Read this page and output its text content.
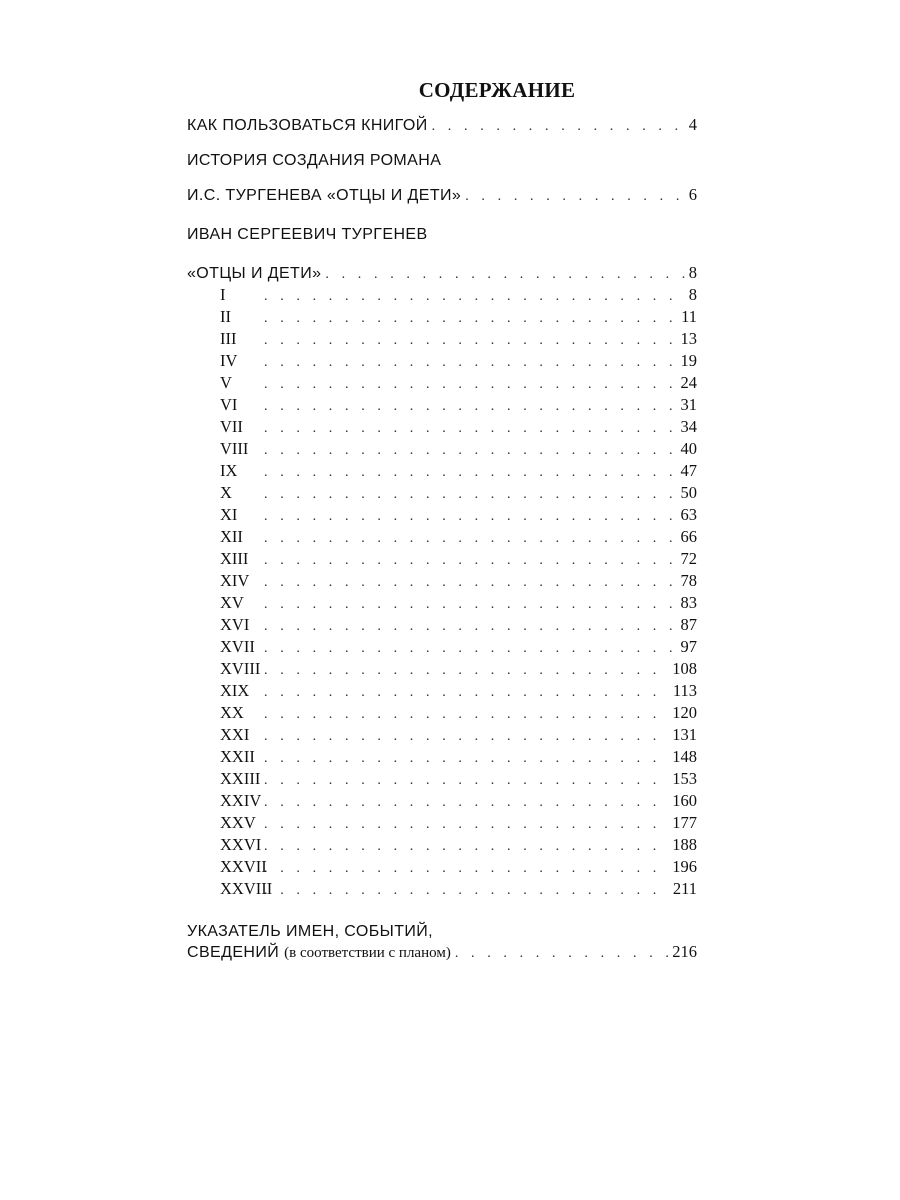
СОДЕРЖАНИЕ
КАК ПОЛЬЗОВАТЬСЯ КНИГОЙ . . .	4
ИСТОРИЯ СОЗДАНИЯ РОМАНА
И.С. ТУРГЕНЕВА «ОТЦЫ И ДЕТИ» . . .	6
ИВАН СЕРГЕЕВИЧ ТУРГЕНЕВ
«ОТЦЫ И ДЕТИ» . . .	8
I . . .	8
II . . .	11
III . . .	13
IV . . .	19
V . . .	24
VI . . .	31
VII . . .	34
VIII . . .	40
IX . . .	47
X . . .	50
XI . . .	63
XII . . .	66
XIII . . .	72
XIV . . .	78
XV . . .	83
XVI . . .	87
XVII . . .	97
XVIII . . .	108
XIX . . .	113
XX . . .	120
XXI . . .	131
XXII . . .	148
XXIII . . .	153
XXIV . . .	160
XXV . . .	177
XXVI . . .	188
XXVII . . .	196
XXVIII . . .	211
УКАЗАТЕЛЬ ИМЕН, СОБЫТИЙ,
СВЕДЕНИЙ (в соответствии с планом) . . .	216
